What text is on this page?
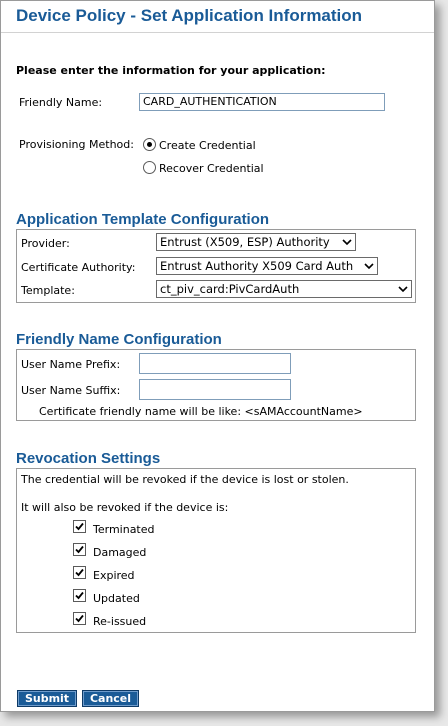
Device Policy - Set Application Information
Please enter the information for your application:
Friendly Name:	CARD_AUTHENTICATION
Provisioning Method: Create Credential
Recover Credential
Application Template Configuration
Provider:	Entrust (X509, ESP) Authority
Certificate Authority:	Entrust Authority X509 Card Auth
Template:	ct_piv_card:PivCardAuth
Friendly Name Configuration
User Name Prefix:
User Name Suffix:
Certificate friendly name will be like: <sAMAccountName>
Revocation Settings
The credential will be revoked if the device is lost or stolen.
It will also be revoked if the device is:
Terminated
Damaged
Expired
Updated
Re-issued
Submit	Cancel
